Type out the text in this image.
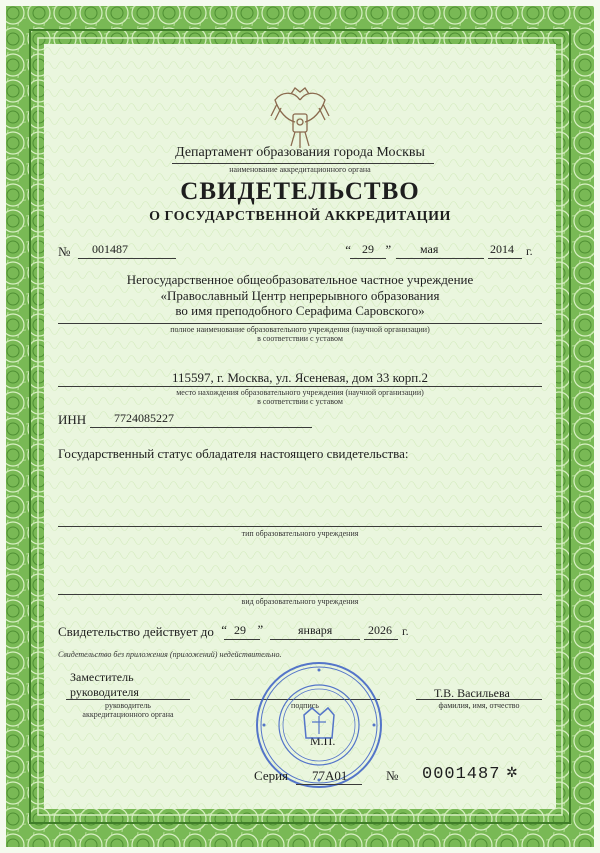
Департамент образования города Москвы
наименование аккредитационного органа
СВИДЕТЕЛЬСТВО
О ГОСУДАРСТВЕННОЙ АККРЕДИТАЦИИ
№ 001487	“ 29 ” мая	2014 г.
Негосударственное общеобразовательное частное учреждение
«Православный Центр непрерывного образования
во имя преподобного Серафима Саровского»
полное наименование образовательного учреждения (научной организации)
в соответствии с уставом
115597, г. Москва, ул. Ясеневая, дом 33 корп.2
место нахождения образовательного учреждения (научной организации)
в соответствии с уставом
ИНН 7724085227
Государственный статус обладателя настоящего свидетельства:
тип образовательного учреждения
вид образовательного учреждения
Свидетельство действует до “ 29 ”	января	2026 г.
Свидетельство без приложения (приложений) недействительно.
Заместитель
руководителя
руководитель
аккредитационного органа
подпись
Т.В. Васильева
фамилия, имя, отчество
М.П.
Серия 77А01	№ 0001487 ✲
